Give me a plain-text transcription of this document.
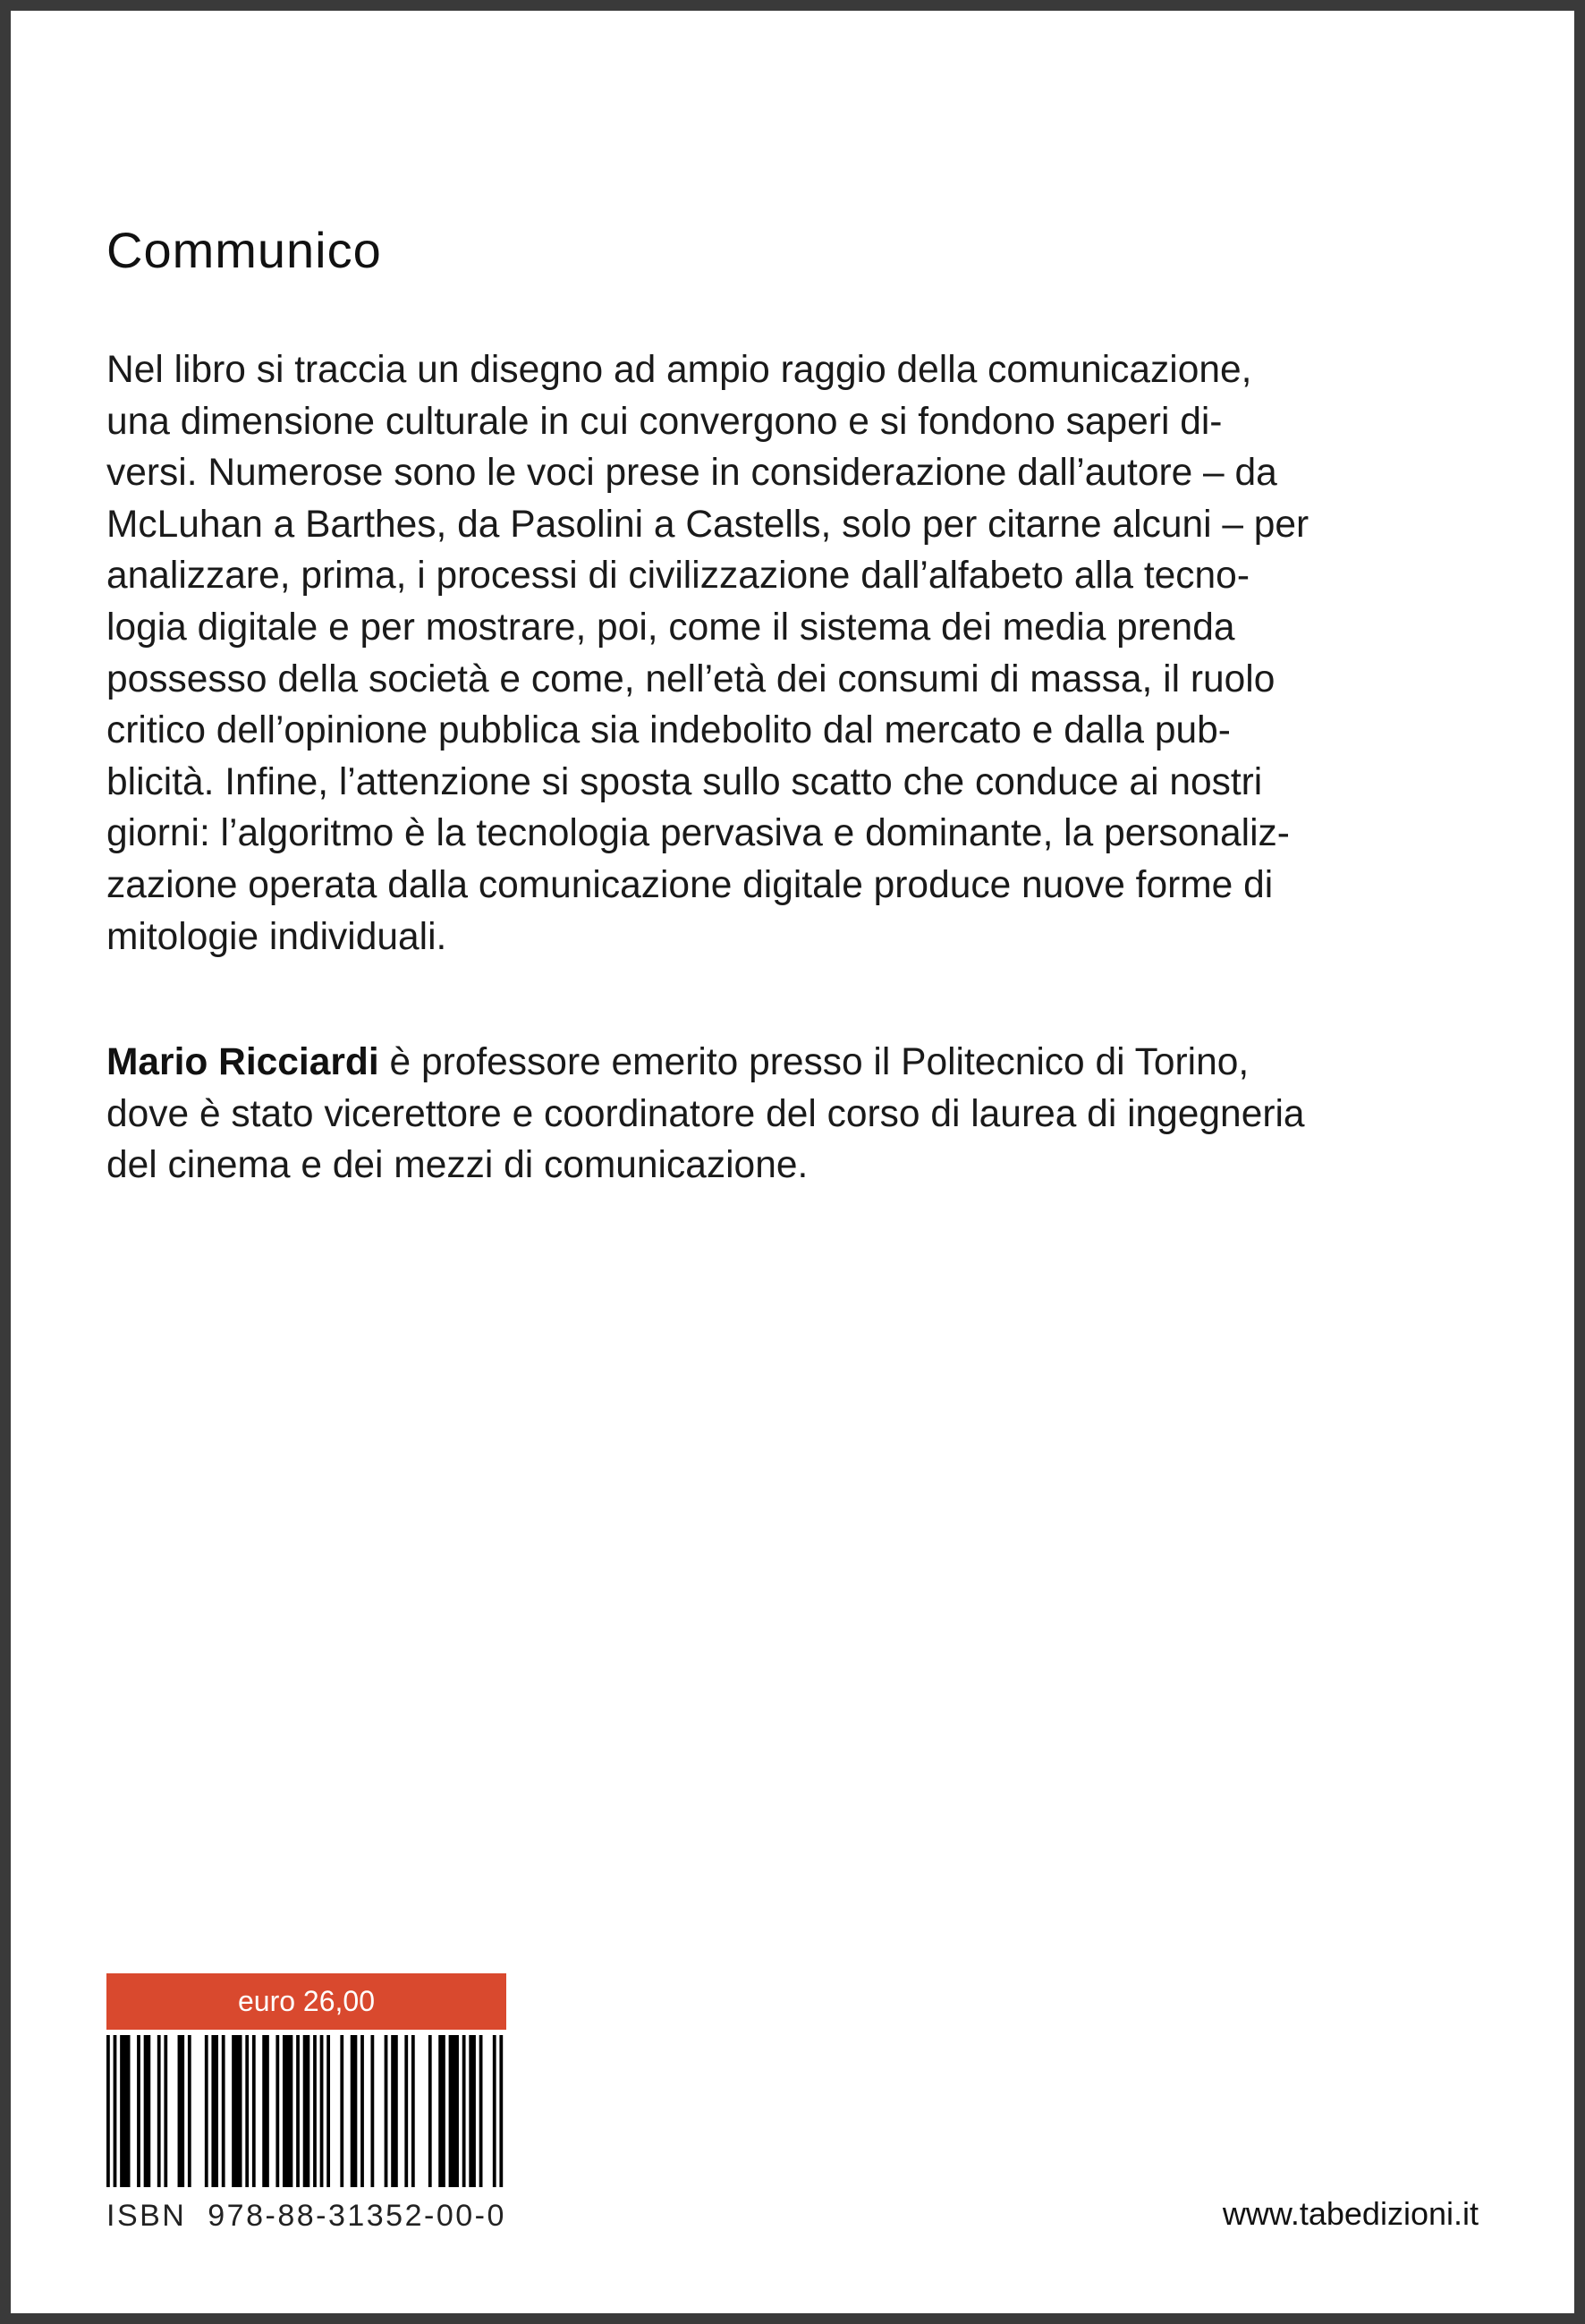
Communico

Nel libro si traccia un disegno ad ampio raggio della comunicazione,
una dimensione culturale in cui convergono e si fondono saperi di-
versi. Numerose sono le voci prese in considerazione dall’autore – da
McLuhan a Barthes, da Pasolini a Castells, solo per citarne alcuni – per
analizzare, prima, i processi di civilizzazione dall’alfabeto alla tecno-
logia digitale e per mostrare, poi, come il sistema dei media prenda
possesso della società e come, nell’età dei consumi di massa, il ruolo
critico dell’opinione pubblica sia indebolito dal mercato e dalla pub-
blicità. Infine, l’attenzione si sposta sullo scatto che conduce ai nostri
giorni: l’algoritmo è la tecnologia pervasiva e dominante, la personaliz-
zazione operata dalla comunicazione digitale produce nuove forme di
mitologie individuali.

Mario Ricciardi è professore emerito presso il Politecnico di Torino,
dove è stato vicerettore e coordinatore del corso di laurea di ingegneria
del cinema e dei mezzi di comunicazione.

euro 26,00
ISBN 978-88-31352-00-0	www.tabedizioni.it
